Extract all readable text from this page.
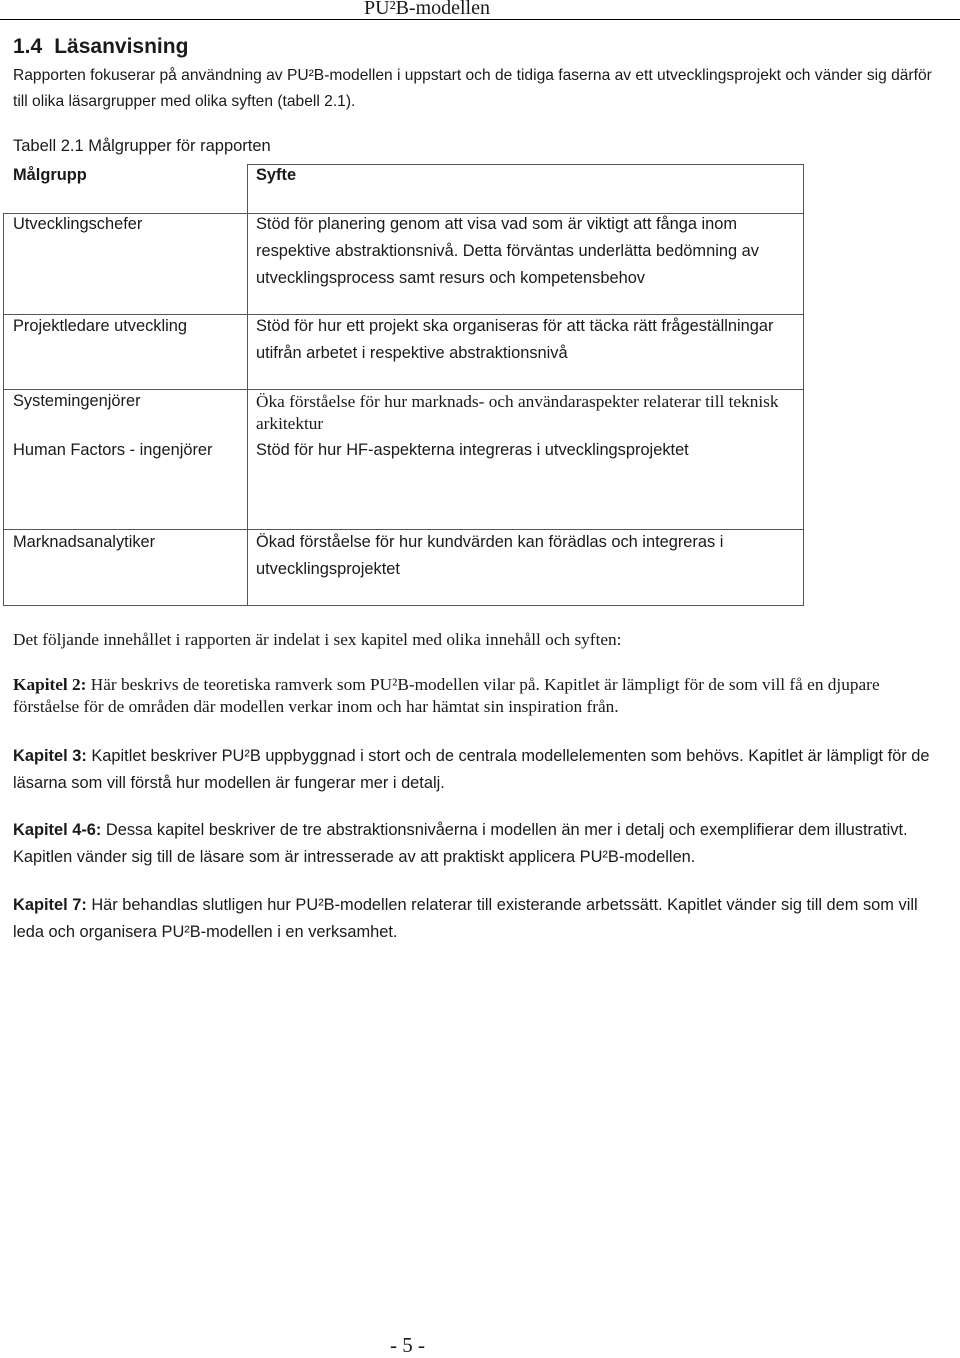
PU²B-modellen
1.4 Läsanvisning
Rapporten fokuserar på användning av PU²B-modellen i uppstart och de tidiga faserna av ett utvecklingsprojekt och vänder sig därför till olika läsargrupper med olika syften (tabell 2.1).
Tabell 2.1 Målgrupper för rapporten
Målgrupp	Syfte
Utvecklingschefer	Stöd för planering genom att visa vad som är viktigt att fånga inom respektive abstraktionsnivå. Detta förväntas underlätta bedömning av utvecklingsprocess samt resurs och kompetensbehov
Projektledare utveckling	Stöd för hur ett projekt ska organiseras för att täcka rätt frågeställningar utifrån arbetet i respektive abstraktionsnivå
Systemingenjörer	Öka förståelse för hur marknads- och användaraspekter relaterar till teknisk arkitektur
Human Factors - ingenjörer	Stöd för hur HF-aspekterna integreras i utvecklingsprojektet
Marknadsanalytiker	Ökad förståelse för hur kundvärden kan förädlas och integreras i utvecklingsprojektet
Det följande innehållet i rapporten är indelat i sex kapitel med olika innehåll och syften:
Kapitel 2: Här beskrivs de teoretiska ramverk som PU²B-modellen vilar på. Kapitlet är lämpligt för de som vill få en djupare förståelse för de områden där modellen verkar inom och har hämtat sin inspiration från.
Kapitel 3: Kapitlet beskriver PU²B uppbyggnad i stort och de centrala modellelementen som behövs. Kapitlet är lämpligt för de läsarna som vill förstå hur modellen är fungerar mer i detalj.
Kapitel 4-6: Dessa kapitel beskriver de tre abstraktionsnivåerna i modellen än mer i detalj och exemplifierar dem illustrativt. Kapitlen vänder sig till de läsare som är intresserade av att praktiskt applicera PU²B-modellen.
Kapitel 7: Här behandlas slutligen hur PU²B-modellen relaterar till existerande arbetssätt. Kapitlet vänder sig till dem som vill leda och organisera PU²B-modellen i en verksamhet.
- 5 -
